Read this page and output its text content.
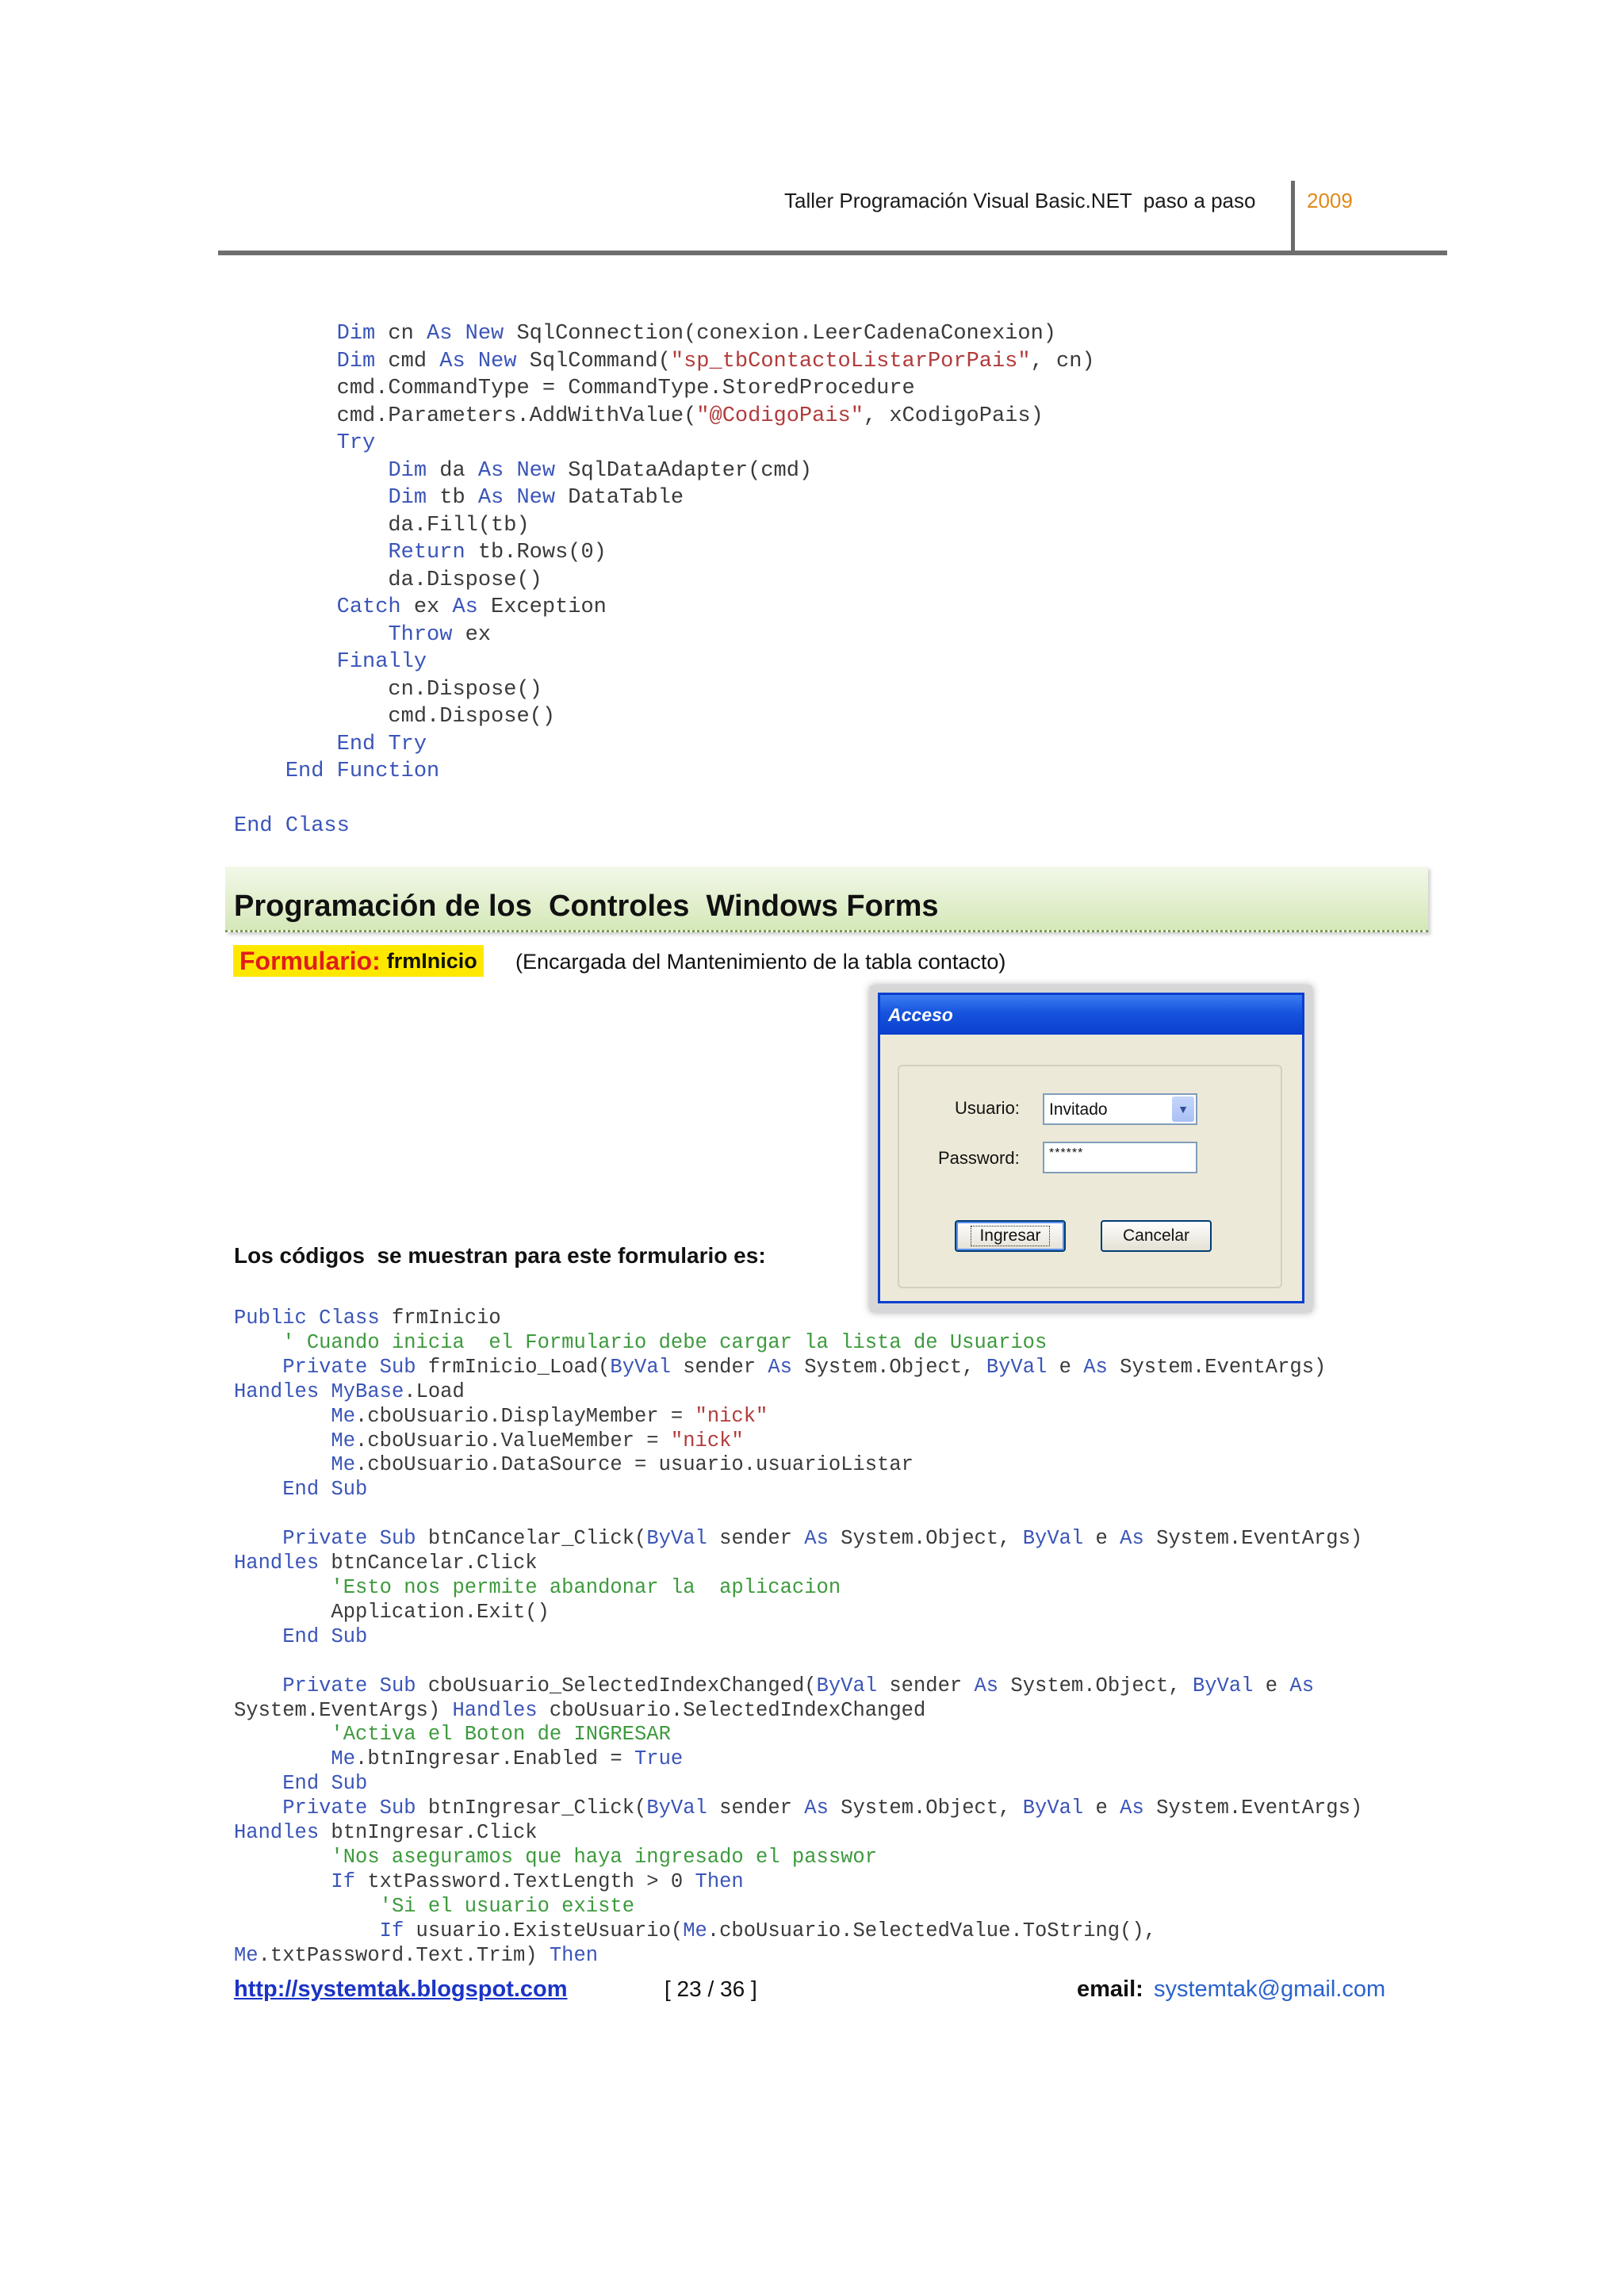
Taller Programación Visual Basic.NET  paso a paso 2009
Dim cn As New SqlConnection(conexion.LeerCadenaConexion)
Dim cmd As New SqlCommand("sp_tbContactoListarPorPais", cn)
cmd.CommandType = CommandType.StoredProcedure
cmd.Parameters.AddWithValue("@CodigoPais", xCodigoPais)
Try
Dim da As New SqlDataAdapter(cmd)
Dim tb As New DataTable
da.Fill(tb)
Return tb.Rows(0)
da.Dispose()
Catch ex As Exception
Throw ex
Finally
cn.Dispose()
cmd.Dispose()
End Try
End Function

End Class
Programación de los  Controles  Windows Forms
Formulario: frmInicio (Encargada del Mantenimiento de la tabla contacto)
Acceso
Usuario: Invitado	▼
Password: ******
Ingresar	Cancelar
Los códigos  se muestran para este formulario es:
Public Class frmInicio
' Cuando inicia  el Formulario debe cargar la lista de Usuarios
Private Sub frmInicio_Load(ByVal sender As System.Object, ByVal e As System.EventArgs)
Handles MyBase.Load
Me.cboUsuario.DisplayMember = "nick"
Me.cboUsuario.ValueMember = "nick"
Me.cboUsuario.DataSource = usuario.usuarioListar
End Sub

Private Sub btnCancelar_Click(ByVal sender As System.Object, ByVal e As System.EventArgs)
Handles btnCancelar.Click
'Esto nos permite abandonar la  aplicacion
Application.Exit()
End Sub

Private Sub cboUsuario_SelectedIndexChanged(ByVal sender As System.Object, ByVal e As
System.EventArgs) Handles cboUsuario.SelectedIndexChanged
'Activa el Boton de INGRESAR
Me.btnIngresar.Enabled = True
End Sub
Private Sub btnIngresar_Click(ByVal sender As System.Object, ByVal e As System.EventArgs)
Handles btnIngresar.Click
'Nos aseguramos que haya ingresado el passwor
If txtPassword.TextLength > 0 Then
'Si el usuario existe
If usuario.ExisteUsuario(Me.cboUsuario.SelectedValue.ToString(),
Me.txtPassword.Text.Trim) Then
http://systemtak.blogspot.com	[ 23 / 36 ]	email: systemtak@gmail.com
